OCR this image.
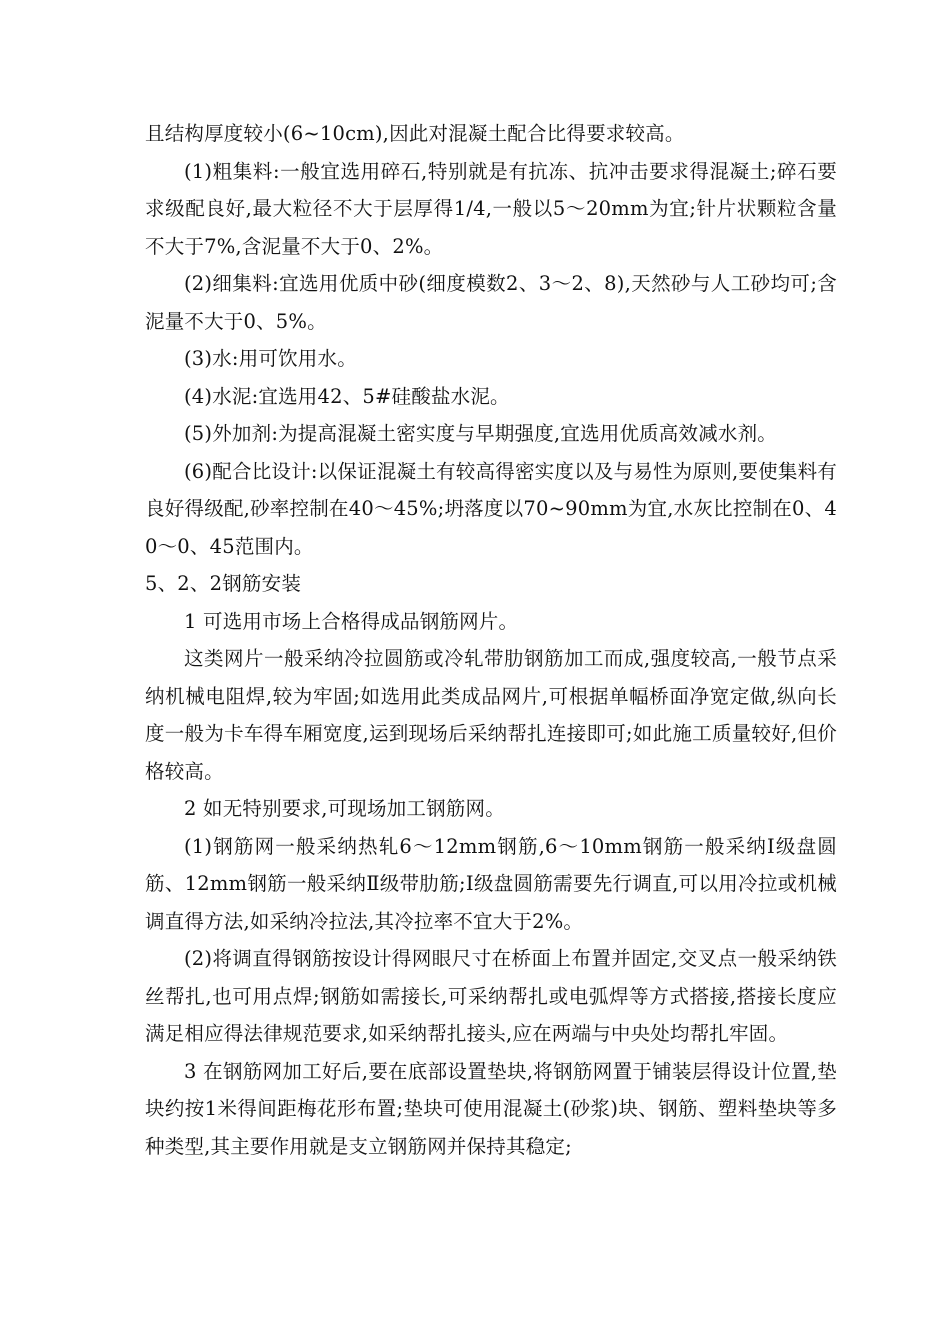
且结构厚度较小(6~10cm),因此对混凝土配合比得要求较高。

(1)粗集料:一般宜选用碎石,特别就是有抗冻、抗冲击要求得混凝土;碎石要求级配良好,最大粒径不大于层厚得1/4,一般以5～20mm为宜;针片状颗粒含量不大于7%,含泥量不大于0、2%。

(2)细集料:宜选用优质中砂(细度模数2、3～2、8),天然砂与人工砂均可;含泥量不大于0、5%。

(3)水:用可饮用水。

(4)水泥:宜选用42、5#硅酸盐水泥。

(5)外加剂:为提高混凝土密实度与早期强度,宜选用优质高效减水剂。

(6)配合比设计:以保证混凝土有较高得密实度以及与易性为原则,要使集料有良好得级配,砂率控制在40～45%;坍落度以70~90mm为宜,水灰比控制在0、40～0、45范围内。

5、2、2钢筋安装

1 可选用市场上合格得成品钢筋网片。

这类网片一般采纳冷拉圆筋或冷轧带肋钢筋加工而成,强度较高,一般节点采纳机械电阻焊,较为牢固;如选用此类成品网片,可根据单幅桥面净宽定做,纵向长度一般为卡车得车厢宽度,运到现场后采纳帮扎连接即可;如此施工质量较好,但价格较高。

2 如无特别要求,可现场加工钢筋网。

(1)钢筋网一般采纳热轧6～12mm钢筋,6～10mm钢筋一般采纳Ⅰ级盘圆筋、12mm钢筋一般采纳Ⅱ级带肋筋;Ⅰ级盘圆筋需要先行调直,可以用冷拉或机械调直得方法,如采纳冷拉法,其冷拉率不宜大于2%。

(2)将调直得钢筋按设计得网眼尺寸在桥面上布置并固定,交叉点一般采纳铁丝帮扎,也可用点焊;钢筋如需接长,可采纳帮扎或电弧焊等方式搭接,搭接长度应满足相应得法律规范要求,如采纳帮扎接头,应在两端与中央处均帮扎牢固。

3 在钢筋网加工好后,要在底部设置垫块,将钢筋网置于铺装层得设计位置,垫块约按1米得间距梅花形布置;垫块可使用混凝土(砂浆)块、钢筋、塑料垫块等多种类型,其主要作用就是支立钢筋网并保持其稳定;
